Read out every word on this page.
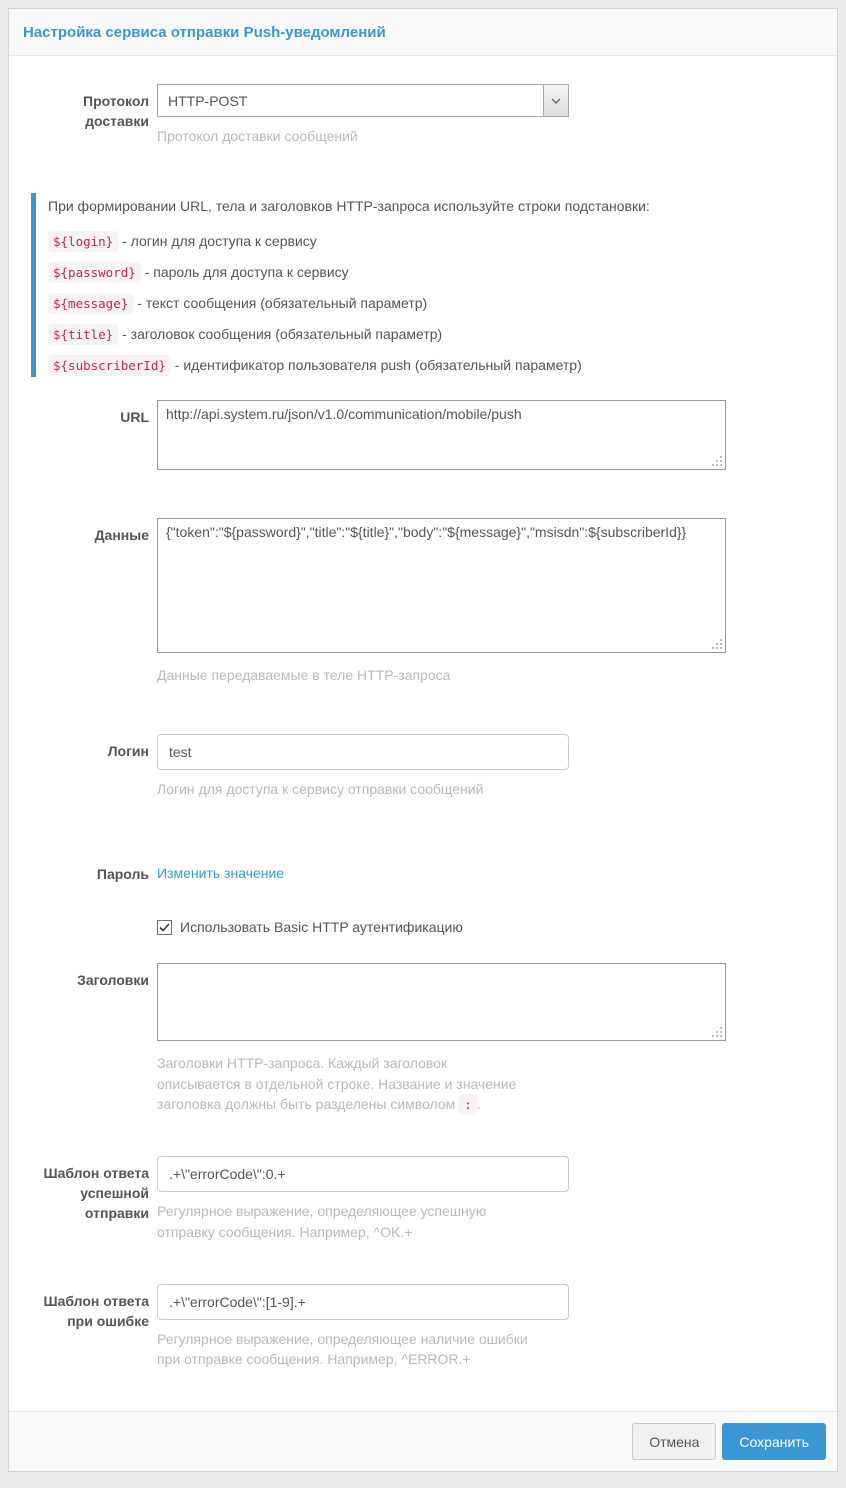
Настройка сервиса отправки Push-уведомлений
Протокол доставки
HTTP-POST
Протокол доставки сообщений

При формировании URL, тела и заголовков HTTP-запроса используйте строки подстановки:

${login} - логин для доступа к сервису
${password} - пароль для доступа к сервису
${message} - текст сообщения (обязательный параметр)
${title} - заголовок сообщения (обязательный параметр)
${subscriberId} - идентификатор пользователя push (обязательный параметр)
URL
http://api.system.ru/json/v1.0/communication/mobile/push
Данные
{"token":"${password}","title":"${title}","body":"${message}","msisdn":${subscriberId}}
Данные передаваемые в теле HTTP-запроса
Логин
test
Логин для доступа к сервису отправки сообщений
Пароль Изменить значение
Использовать Basic HTTP аутентификацию
Заголовки
Заголовки HTTP-запроса. Каждый заголовок описывается в отдельной строке. Название и значение заголовка должны быть разделены символом : .
Шаблон ответа успешной отправки
.+\"errorCode\":0.+ Регулярное выражение, определяющее успешную отправку сообщения. Например, ^OK.+
Шаблон ответа при ошибке
.+\"errorCode\":[1-9].+
Регулярное выражение, определяющее наличие ошибки при отправке сообщения. Например, ^ERROR.+
Отмена	Сохранить
